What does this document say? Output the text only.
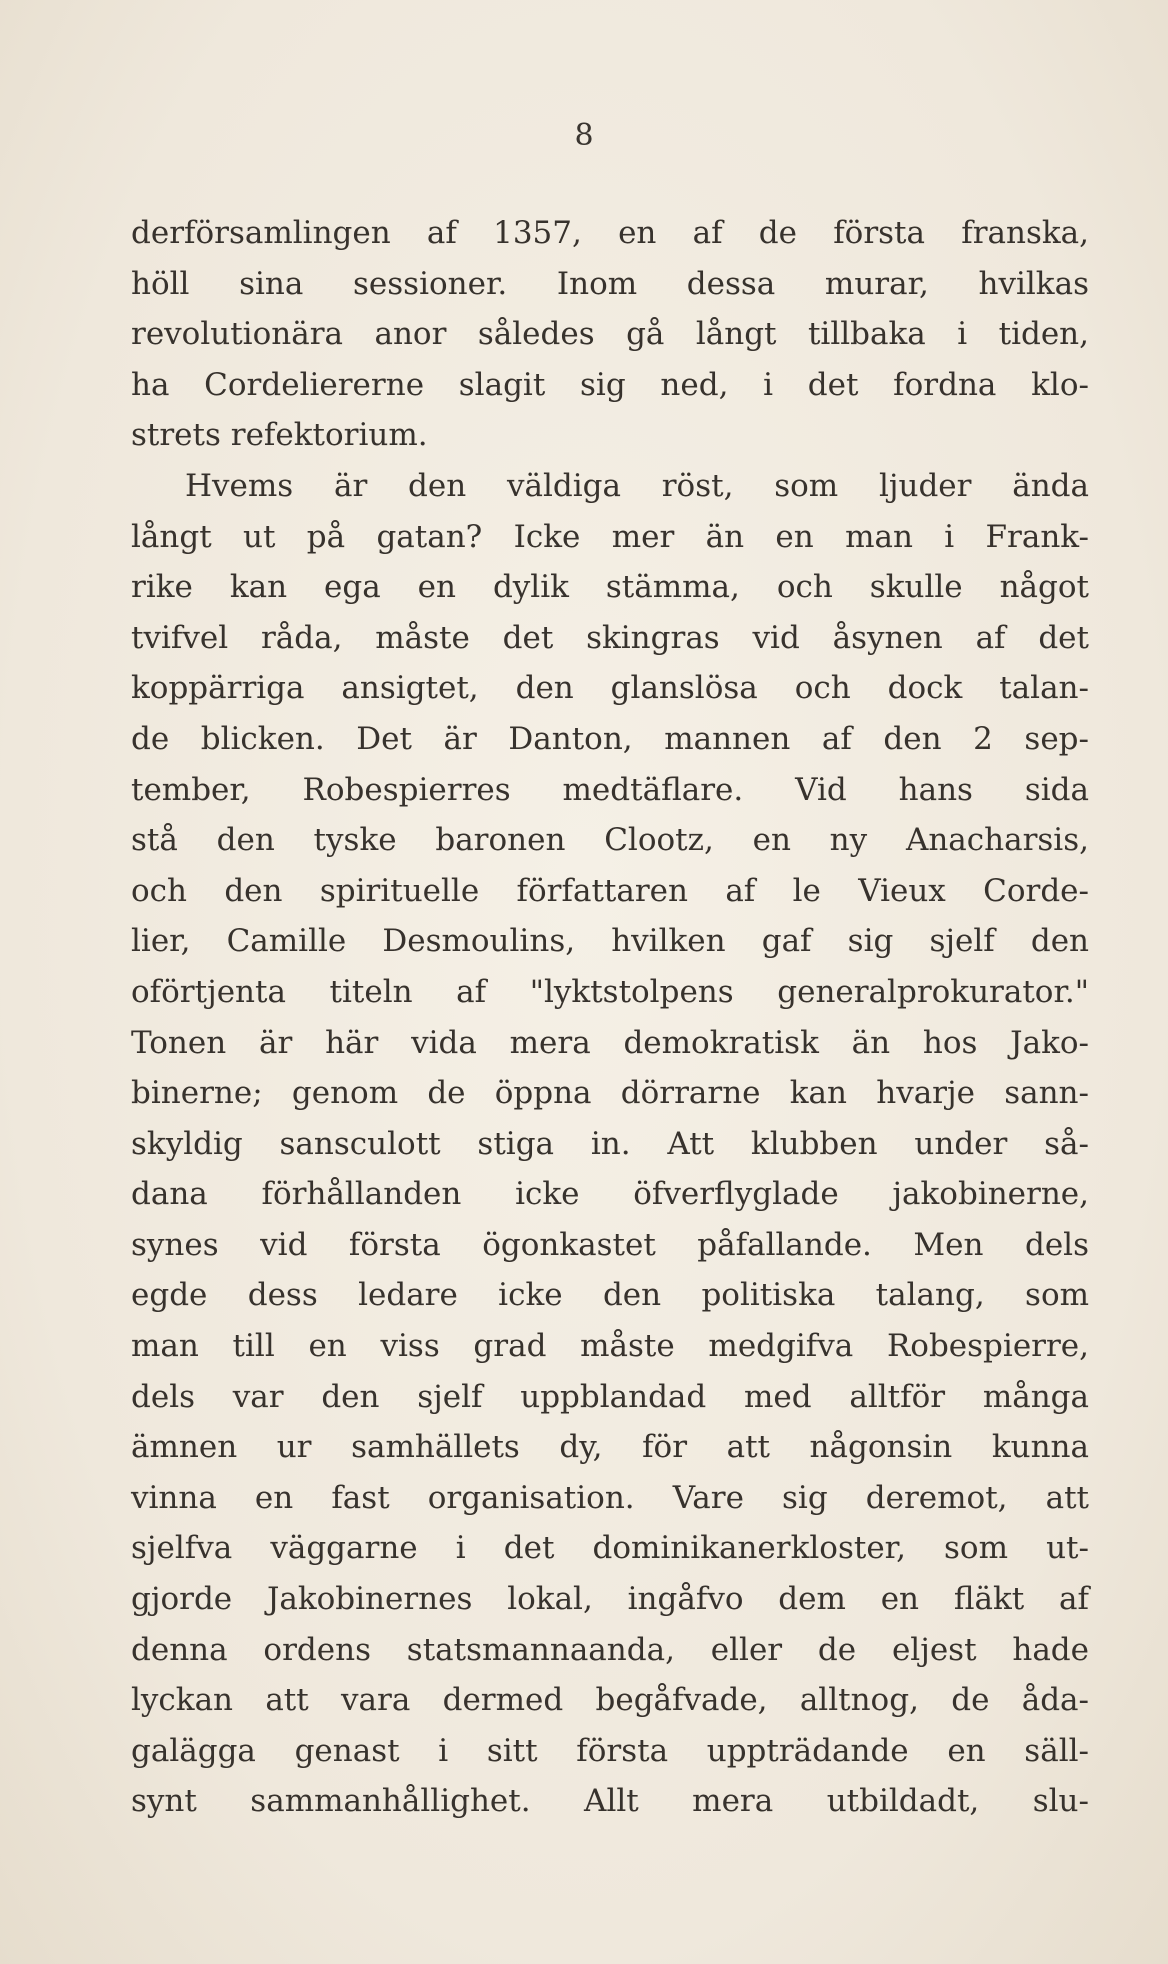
8
derförsamlingen af 1357, en af de första franska,
höll sina sessioner. Inom dessa murar, hvilkas
revolutionära anor således gå långt tillbaka i tiden,
ha Cordeliererne slagit sig ned, i det fordna klo-
strets refektorium.
Hvems är den väldiga röst, som ljuder ända
långt ut på gatan? Icke mer än en man i Frank-
rike kan ega en dylik stämma, och skulle något
tvifvel råda, måste det skingras vid åsynen af det
koppärriga ansigtet, den glanslösa och dock talan-
de blicken. Det är Danton, mannen af den 2 sep-
tember, Robespierres medtäflare. Vid hans sida
stå den tyske baronen Clootz, en ny Anacharsis,
och den spirituelle författaren af le Vieux Corde-
lier, Camille Desmoulins, hvilken gaf sig sjelf den
oförtjenta titeln af "lyktstolpens generalprokurator."
Tonen är här vida mera demokratisk än hos Jako-
binerne; genom de öppna dörrarne kan hvarje sann-
skyldig sansculott stiga in. Att klubben under så-
dana förhållanden icke öfverflyglade jakobinerne,
synes vid första ögonkastet påfallande. Men dels
egde dess ledare icke den politiska talang, som
man till en viss grad måste medgifva Robespierre,
dels var den sjelf uppblandad med alltför många
ämnen ur samhällets dy, för att någonsin kunna
vinna en fast organisation. Vare sig deremot, att
sjelfva väggarne i det dominikanerkloster, som ut-
gjorde Jakobinernes lokal, ingåfvo dem en fläkt af
denna ordens statsmannaanda, eller de eljest hade
lyckan att vara dermed begåfvade, alltnog, de åda-
galägga genast i sitt första uppträdande en säll-
synt sammanhållighet. Allt mera utbildadt, slu-
